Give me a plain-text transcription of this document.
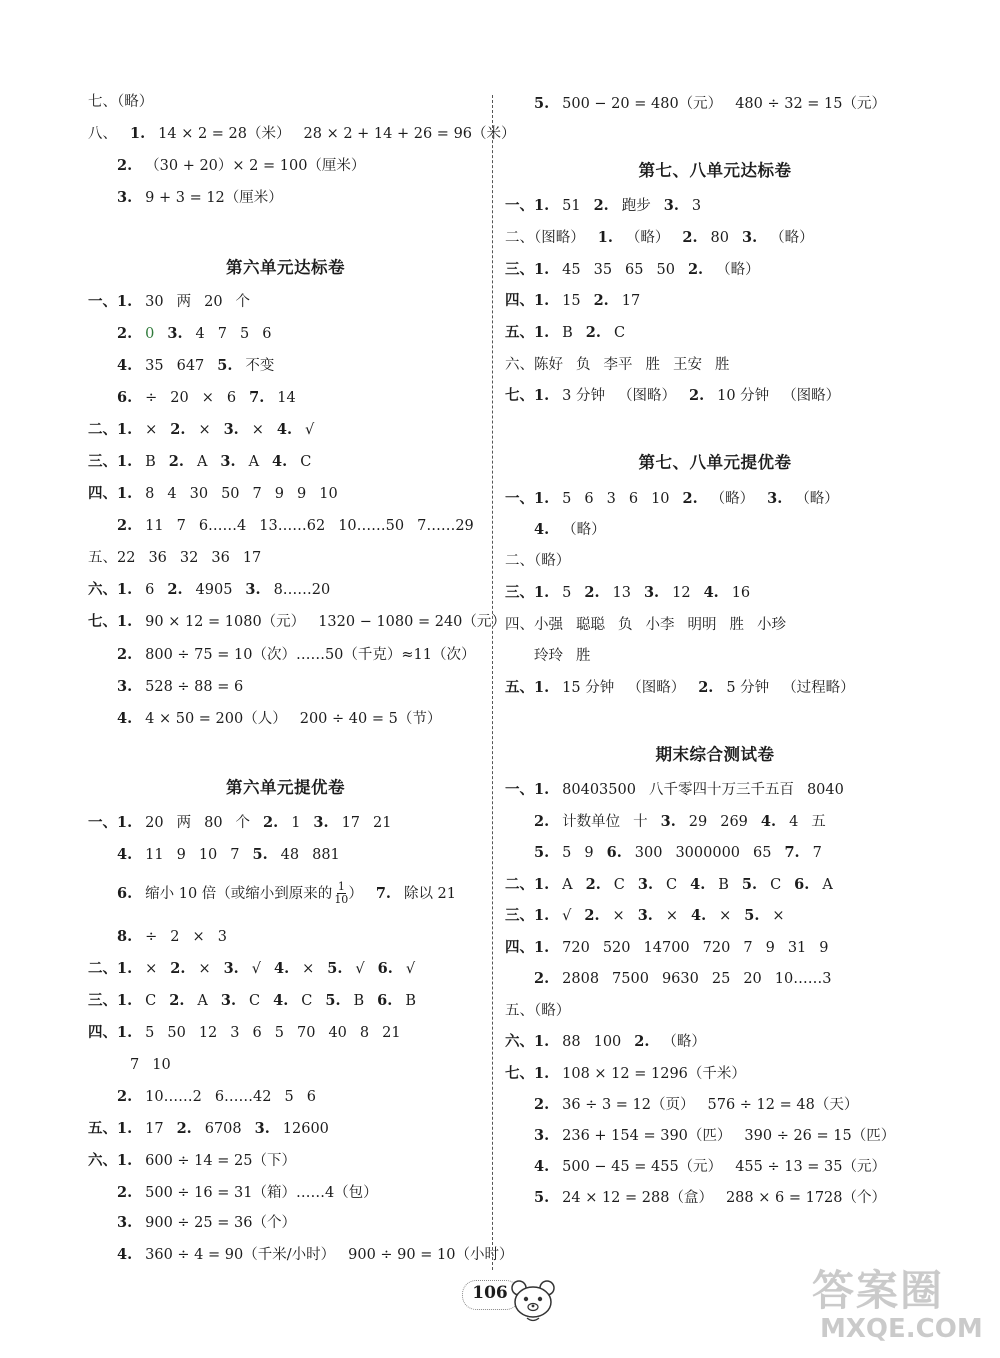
七、（略）
八、 1. 14 × 2 = 28（米） 28 × 2 + 14 + 26 = 96（米）
2. （30 + 20）× 2 = 100（厘米）
3. 9 + 3 = 12（厘米）
第六单元达标卷
一、1. 30 两 20 个
2. 0 3. 4 7 5 6
4. 35 647 5. 不变
6. ÷ 20 × 6 7. 14
二、1. × 2. × 3. × 4. √
三、1. B 2. A 3. A 4. C
四、1. 8 4 30 50 7 9 9 10
2. 11 7 6……4 13……62 10……50 7……29
五、22 36 32 36 17
六、1. 6 2. 4905 3. 8……20
七、1. 90 × 12 = 1080（元） 1320 − 1080 = 240（元）
2. 800 ÷ 75 = 10（次）……50（千克）≈11（次）
3. 528 ÷ 88 = 6
4. 4 × 50 = 200（人） 200 ÷ 40 = 5（节）
第六单元提优卷
一、1. 20 两 80 个 2. 1 3. 17 21
4. 11 9 10 7 5. 48 881
6. 缩小 10 倍（或缩小到原来的 $\frac{1}{10}$ ） 7. 除以 21
8. ÷ 2 × 3
二、1. × 2. × 3. √ 4. × 5. √ 6. √
三、1. C 2. A 3. C 4. C 5. B 6. B
四、1. 5 50 12 3 6 5 70 40 8 21
7 10
2. 10……2 6……42 5 6
五、1. 17 2. 6708 3. 12600
六、1. 600 ÷ 14 = 25（下）
2. 500 ÷ 16 = 31（箱）……4（包）
3. 900 ÷ 25 = 36（个）
4. 360 ÷ 4 = 90（千米/小时） 900 ÷ 90 = 10（小时）
5. 500 − 20 = 480（元） 480 ÷ 32 = 15（元）
第七、八单元达标卷
一、1. 51 2. 跑步 3. 3
二、（图略） 1. （略） 2. 80 3. （略）
三、1. 45 35 65 50 2. （略）
四、1. 15 2. 17
五、1. B 2. C
六、陈好 负 李平 胜 王安 胜
七、1. 3 分钟 （图略） 2. 10 分钟 （图略）
第七、八单元提优卷
一、1. 5 6 3 6 10 2. （略） 3. （略）
4. （略）
二、（略）
三、1. 5 2. 13 3. 12 4. 16
四、小强 聪聪 负 小李 明明 胜 小珍
玲玲 胜
五、1. 15 分钟 （图略） 2. 5 分钟 （过程略）
期末综合测试卷
一、1. 80403500 八千零四十万三千五百 8040
2. 计数单位 十 3. 29 269 4. 4 五
5. 5 9 6. 300 3000000 65 7. 7
二、1. A 2. C 3. C 4. B 5. C 6. A
三、1. √ 2. × 3. × 4. × 5. ×
四、1. 720 520 14700 720 7 9 31 9
2. 2808 7500 9630 25 20 10……3
五、（略）
六、1. 88 100 2. （略）
七、1. 108 × 12 = 1296（千米）
2. 36 ÷ 3 = 12（页） 576 ÷ 12 = 48（天）
3. 236 + 154 = 390（匹） 390 ÷ 26 = 15（匹）
4. 500 − 45 = 455（元） 455 ÷ 13 = 35（元）
5. 24 × 12 = 288（盒） 288 × 6 = 1728（个）
106	答案圈
MXQE.COM
